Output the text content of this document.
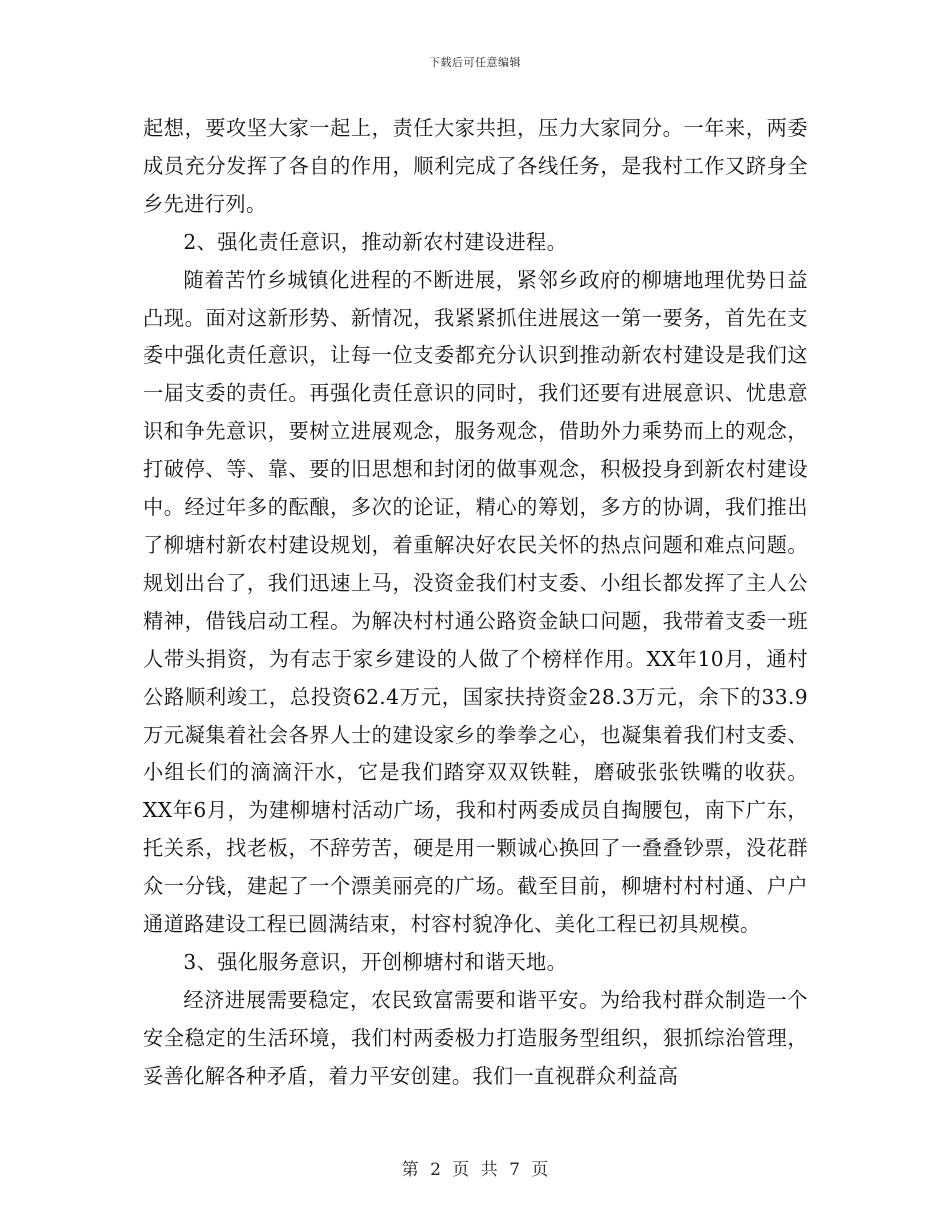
下载后可任意编辑

起想，要攻坚大家一起上，责任大家共担，压力大家同分。一年来，两委成员充分发挥了各自的作用，顺利完成了各线任务，是我村工作又跻身全乡先进行列。

2、强化责任意识，推动新农村建设进程。

随着苦竹乡城镇化进程的不断进展，紧邻乡政府的柳塘地理优势日益凸现。面对这新形势、新情况，我紧紧抓住进展这一第一要务，首先在支委中强化责任意识，让每一位支委都充分认识到推动新农村建设是我们这一届支委的责任。再强化责任意识的同时，我们还要有进展意识、忧患意识和争先意识，要树立进展观念，服务观念，借助外力乘势而上的观念，打破停、等、靠、要的旧思想和封闭的做事观念，积极投身到新农村建设中。经过年多的酝酿，多次的论证，精心的筹划，多方的协调，我们推出了柳塘村新农村建设规划，着重解决好农民关怀的热点问题和难点问题。规划出台了，我们迅速上马，没资金我们村支委、小组长都发挥了主人公精神，借钱启动工程。为解决村村通公路资金缺口问题，我带着支委一班人带头捐资，为有志于家乡建设的人做了个榜样作用。XX年10月，通村公路顺利竣工，总投资62.4万元，国家扶持资金28.3万元，余下的33.9万元凝集着社会各界人士的建设家乡的拳拳之心，也凝集着我们村支委、小组长们的滴滴汗水，它是我们踏穿双双铁鞋，磨破张张铁嘴的收获。XX年6月，为建柳塘村活动广场，我和村两委成员自掏腰包，南下广东，托关系，找老板，不辞劳苦，硬是用一颗诚心换回了一叠叠钞票，没花群众一分钱，建起了一个漂美丽亮的广场。截至目前，柳塘村村村通、户户通道路建设工程已圆满结束，村容村貌净化、美化工程已初具规模。

3、强化服务意识，开创柳塘村和谐天地。

经济进展需要稳定，农民致富需要和谐平安。为给我村群众制造一个安全稳定的生活环境，我们村两委极力打造服务型组织，狠抓综治管理，妥善化解各种矛盾，着力平安创建。我们一直视群众利益高

第 2 页 共 7 页
